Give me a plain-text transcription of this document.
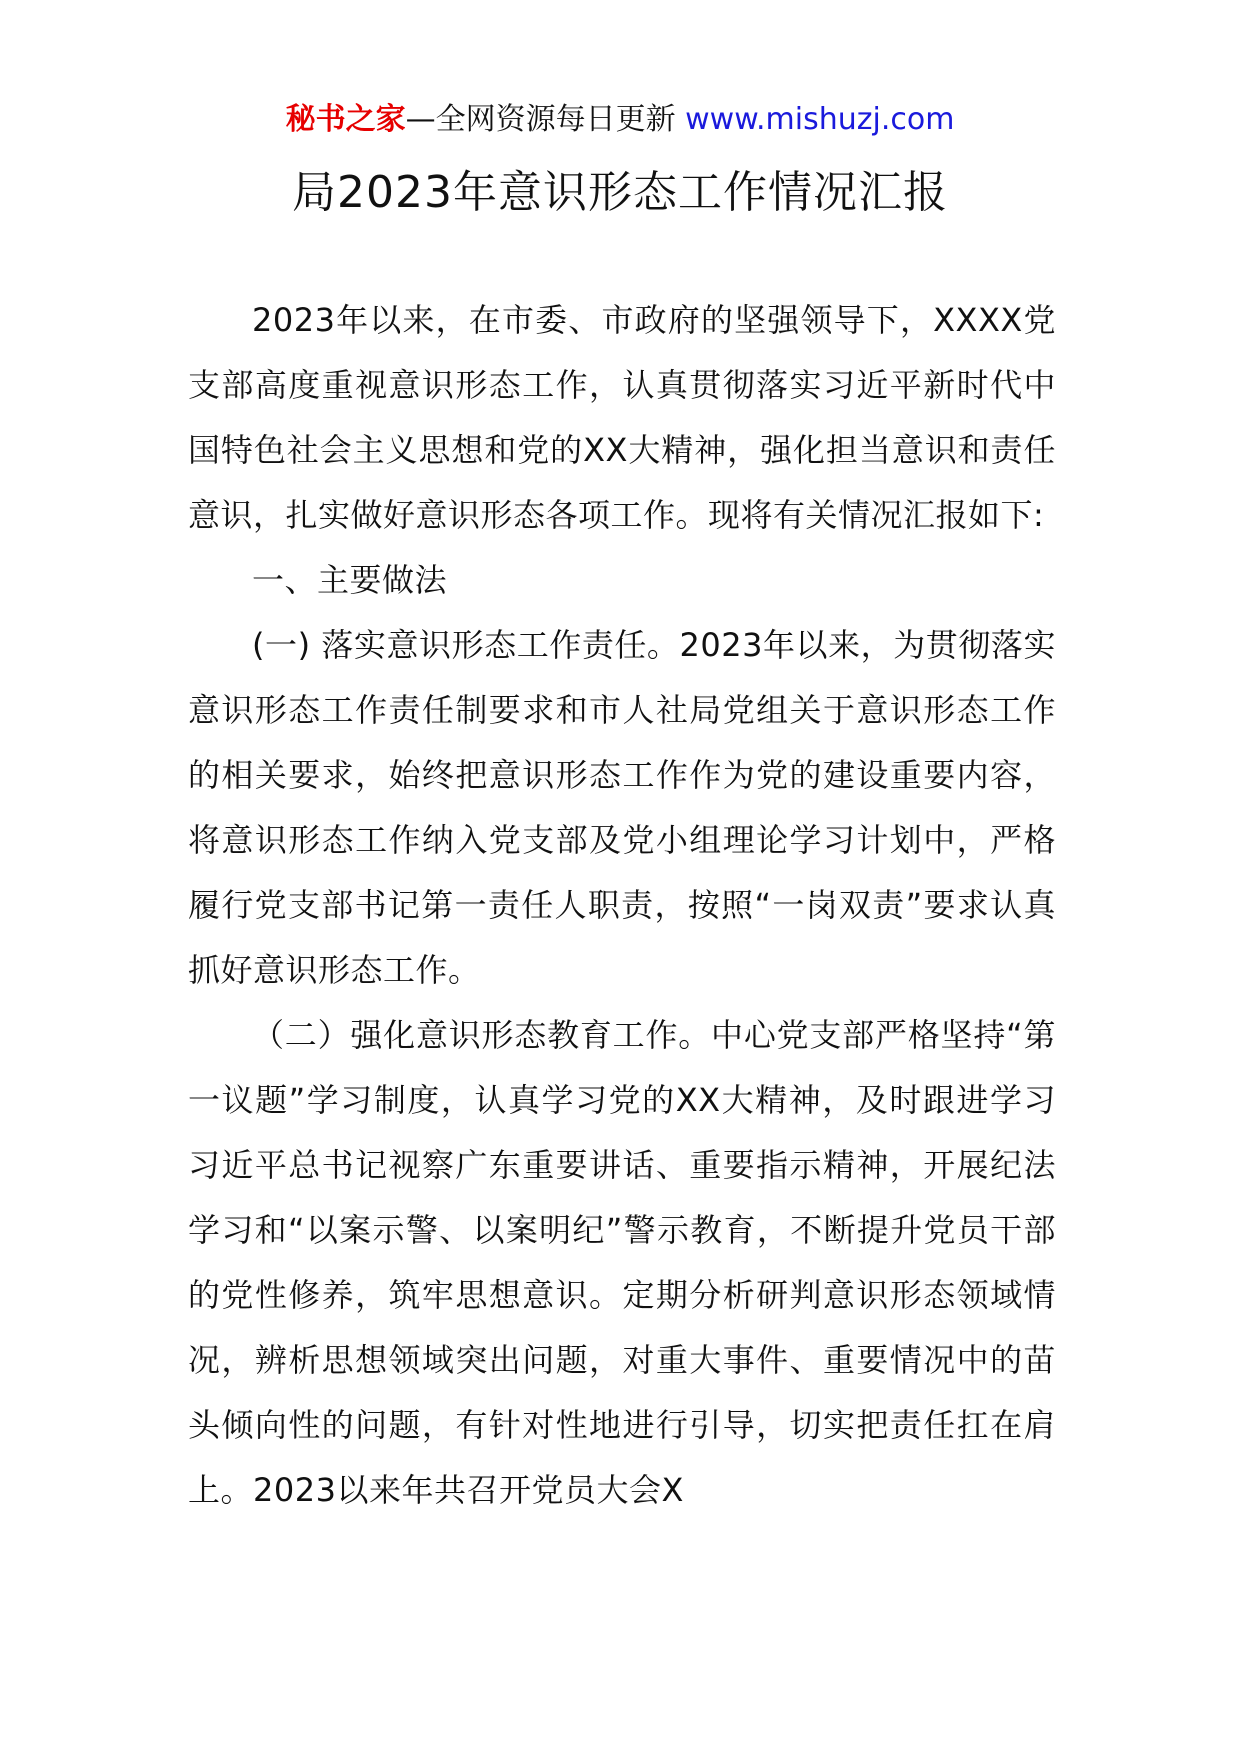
秘书之家—全网资源每日更新 www.mishuzj.com
局2023年意识形态工作情况汇报

2023年以来，在市委、市政府的坚强领导下，XXXX党支部高度重视意识形态工作，认真贯彻落实习近平新时代中国特色社会主义思想和党的XX大精神，强化担当意识和责任意识，扎实做好意识形态各项工作。现将有关情况汇报如下:

一、主要做法

(一) 落实意识形态工作责任。2023年以来，为贯彻落实意识形态工作责任制要求和市人社局党组关于意识形态工作的相关要求，始终把意识形态工作作为党的建设重要内容，将意识形态工作纳入党支部及党小组理论学习计划中，严格履行党支部书记第一责任人职责，按照“一岗双责”要求认真抓好意识形态工作。

（二）强化意识形态教育工作。中心党支部严格坚持“第一议题”学习制度，认真学习党的XX大精神，及时跟进学习习近平总书记视察广东重要讲话、重要指示精神，开展纪法学习和“以案示警、以案明纪”警示教育，不断提升党员干部的党性修养，筑牢思想意识。定期分析研判意识形态领域情况，辨析思想领域突出问题，对重大事件、重要情况中的苗头倾向性的问题，有针对性地进行引导，切实把责任扛在肩上。2023以来年共召开党员大会X
